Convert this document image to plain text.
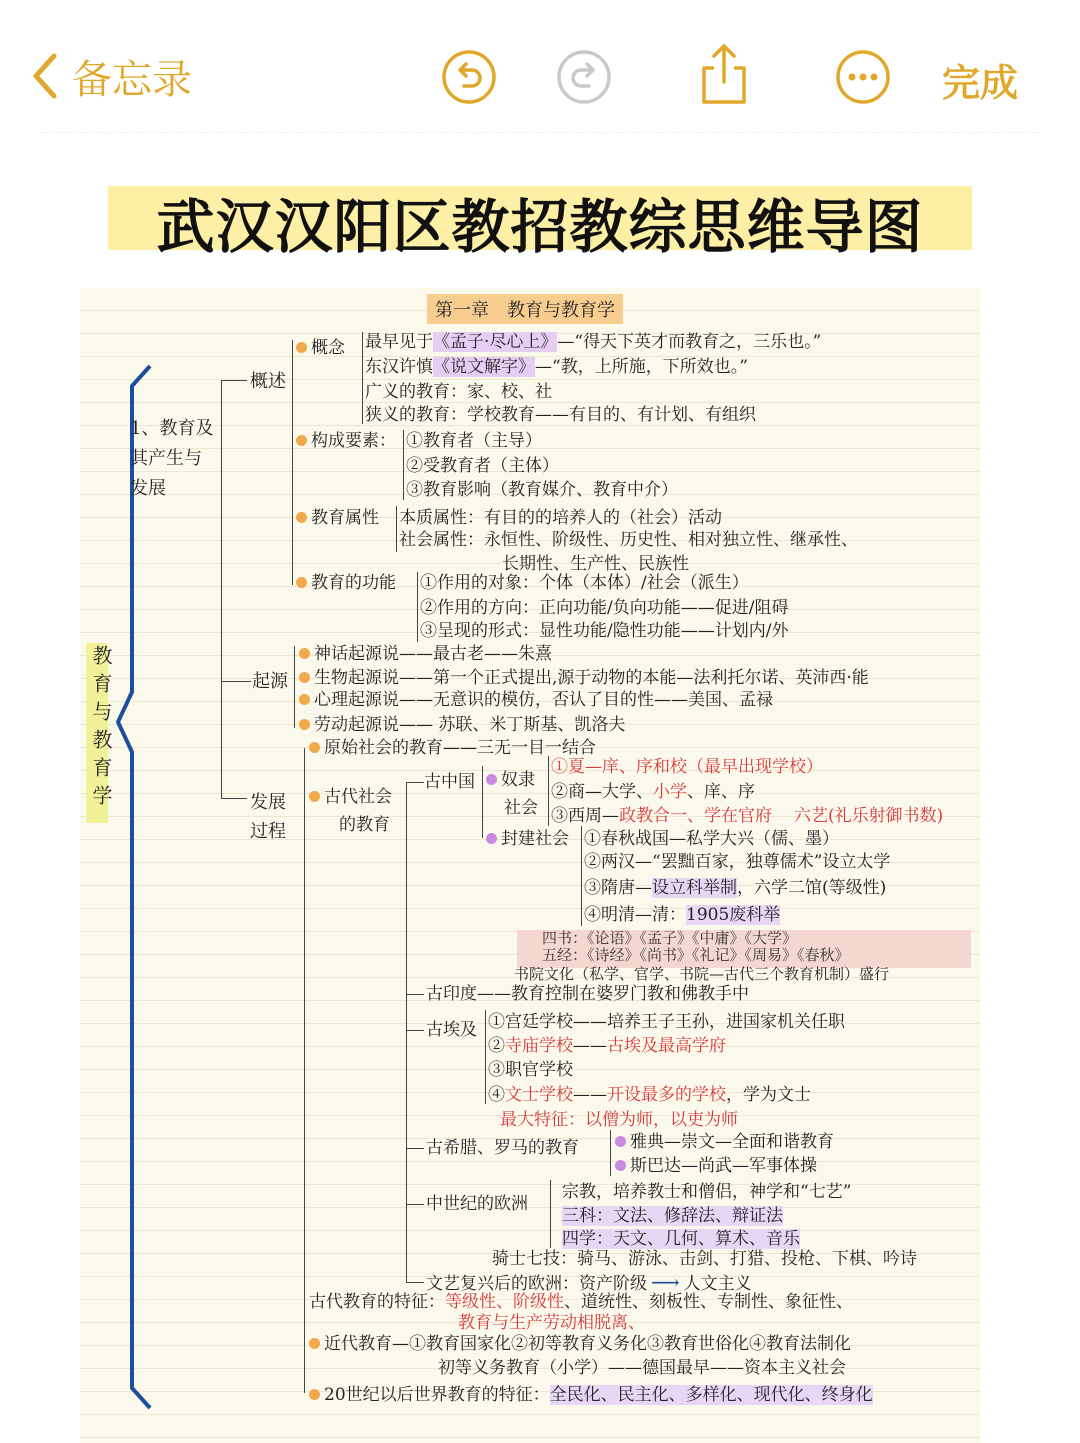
备忘录	完成
武汉汉阳区教招教综思维导图
第一章　教育与教育学
教育与教育学
1、教育及其产生与发展
概述
概念 最早见于《孟子·尽心上》—“得天下英才而教育之，三乐也。”
东汉许慎《说文解字》—“教，上所施，下所效也。”
广义的教育：家、校、社
狭义的教育：学校教育——有目的、有计划、有组织
构成要素： ①教育者（主导）
②受教育者（主体）
③教育影响（教育媒介、教育中介）
教育属性 本质属性：有目的的培养人的（社会）活动
社会属性：永恒性、阶级性、历史性、相对独立性、继承性、
长期性、生产性、民族性
教育的功能 ①作用的对象：个体（本体）/社会（派生）
②作用的方向：正向功能/负向功能——促进/阻碍
③呈现的形式：显性功能/隐性功能——计划内/外
起源
神话起源说——最古老——朱熹
生物起源说——第一个正式提出,源于动物的本能—法利托尔诺、英沛西·能
心理起源说——无意识的模仿，否认了目的性——美国、孟禄
劳动起源说—— 苏联、米丁斯基、凯洛夫
发展
过程
原始社会的教育——三无一目一结合
古代社会
的教育
古中国	奴隶
社会
①夏—庠、序和校（最早出现学校）
②商—大学、小学、庠、序
③西周—政教合一、学在官府 六艺(礼乐射御书数)
封建社会 ①春秋战国—私学大兴（儒、墨）
②两汉—“罢黜百家，独尊儒术”设立太学
③隋唐—设立科举制，六学二馆(等级性)
④明清—清：1905废科举
四书：《论语》《孟子》《中庸》《大学》
五经：《诗经》《尚书》《礼记》《周易》《春秋》
书院文化（私学、官学、书院—古代三个教育机制）盛行
古印度——教育控制在婆罗门教和佛教手中
古埃及 ①宫廷学校——培养王子王孙，进国家机关任职
②寺庙学校——古埃及最高学府
③职官学校
④文士学校——开设最多的学校，学为文士
最大特征：以僧为师，以吏为师
古希腊、罗马的教育	雅典—崇文—全面和谐教育
斯巴达—尚武—军事体操
中世纪的欧洲
宗教，培养教士和僧侣，神学和“七艺”
三科：文法、修辞法、辩证法
四学：天文、几何、算术、音乐
骑士七技：骑马、游泳、击剑、打猎、投枪、下棋、吟诗
文艺复兴后的欧洲：资产阶级 ⟶ 人文主义
古代教育的特征：等级性、阶级性、道统性、刻板性、专制性、象征性、
教育与生产劳动相脱离、
近代教育—①教育国家化②初等教育义务化③教育世俗化④教育法制化
初等义务教育（小学）——德国最早——资本主义社会
20世纪以后世界教育的特征：全民化、民主化、多样化、现代化、终身化
